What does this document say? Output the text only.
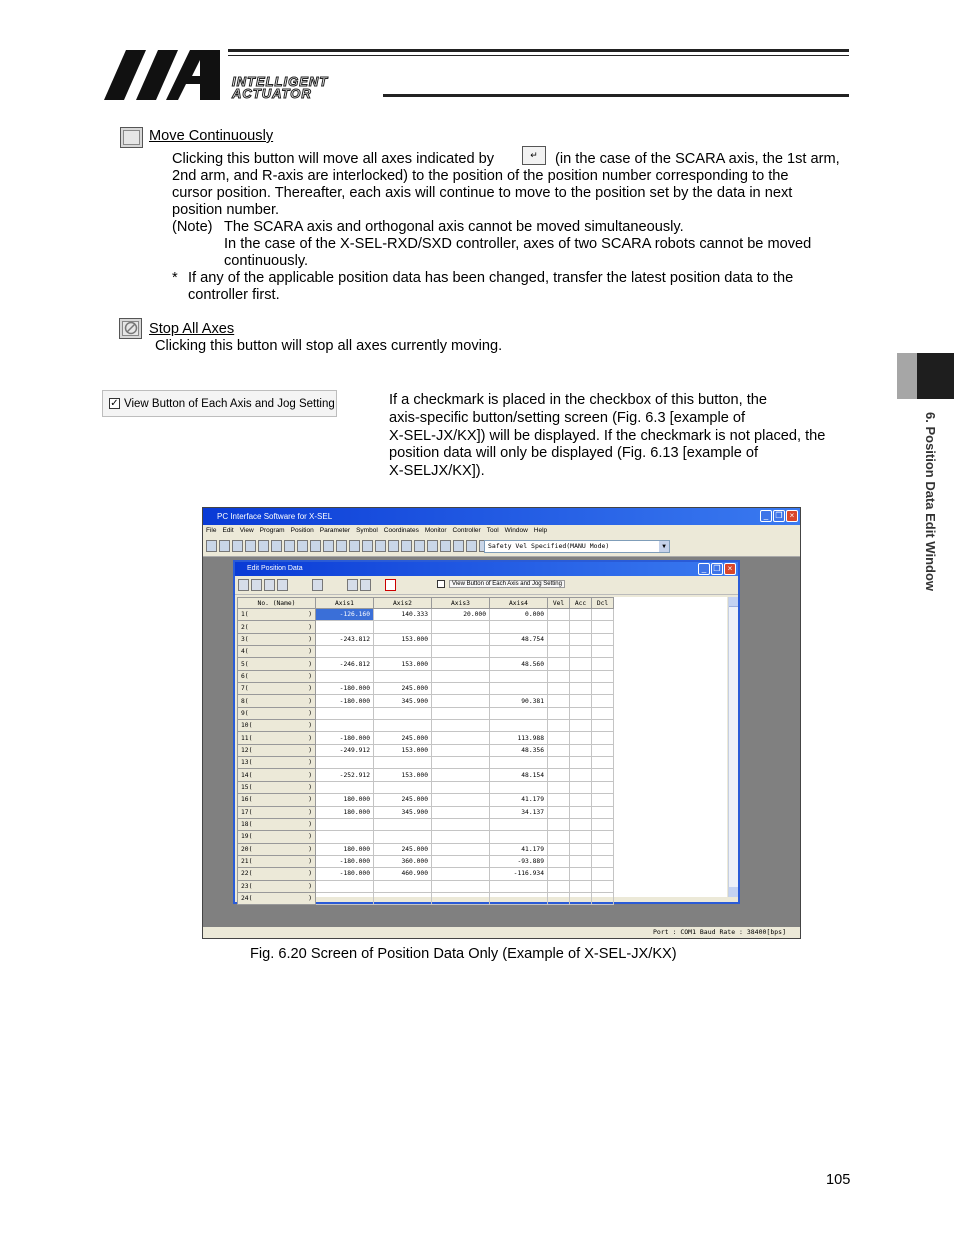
INTELLIGENT
ACTUATOR
Move Continuously
Clicking this button will move all axes indicated by	↵	(in the case of the SCARA axis, the 1st arm,
2nd arm, and R-axis are interlocked) to the position of the position number corresponding to the
cursor position. Thereafter, each axis will continue to move to the position set by the data in next
position number.
(Note) The SCARA axis and orthogonal axis cannot be moved simultaneously.
In the case of the X-SEL-RXD/SXD controller, axes of two SCARA robots cannot be moved
continuously.
* If any of the applicable position data has been changed, transfer the latest position data to the
controller first.
Stop All Axes
Clicking this button will stop all axes currently moving.
6. Position Data Edit Window
✓ View Button of Each Axis and Jog Setting	If a checkmark is placed in the checkbox of this button, the
axis-specific button/setting screen (Fig. 6.3 [example of
X-SEL-JX/KX]) will be displayed. If the checkmark is not placed, the
position data will only be displayed (Fig. 6.13 [example of
X-SELJX/KX]).
PC Interface Software for X-SEL	_ ❐ ×
File Edit View Program Position Parameter Symbol Coordinates Monitor Controller Tool Window Help
Safety Vel Specified(MANU Mode)	▼
Edit Position Data	_ ❐ ×
View Button of Each Axis and Jog Setting
No. (Name)	Axis1	Axis2	Axis3	Axis4	Vel	Acc	Dcl
1( )	-126.160	140.333	20.000	0.000			
2( )							

3( )	-243.812	153.000		48.754			
4( )							

5( )	-246.812	153.000		48.560			
6( )							

7( )	-180.000	245.000					
8( )	-180.000	345.900		90.381			
9( )							

10( )							

11( )	-180.000	245.000		113.988			
12( )	-249.912	153.000		48.356			
13( )							

14( )	-252.912	153.000		48.154			
15( )							

16( )	180.000	245.000		41.179			
17( )	180.000	345.900		34.137			
18( )							

19( )							

20( )	180.000	245.000		41.179			
21( )	-180.000	360.000		-93.889			
22( )	-180.000	460.900		-116.934			
23( )							

24( )							

Port : COM1 Baud Rate : 38400[bps]
Fig. 6.20 Screen of Position Data Only (Example of X-SEL-JX/KX)
105
